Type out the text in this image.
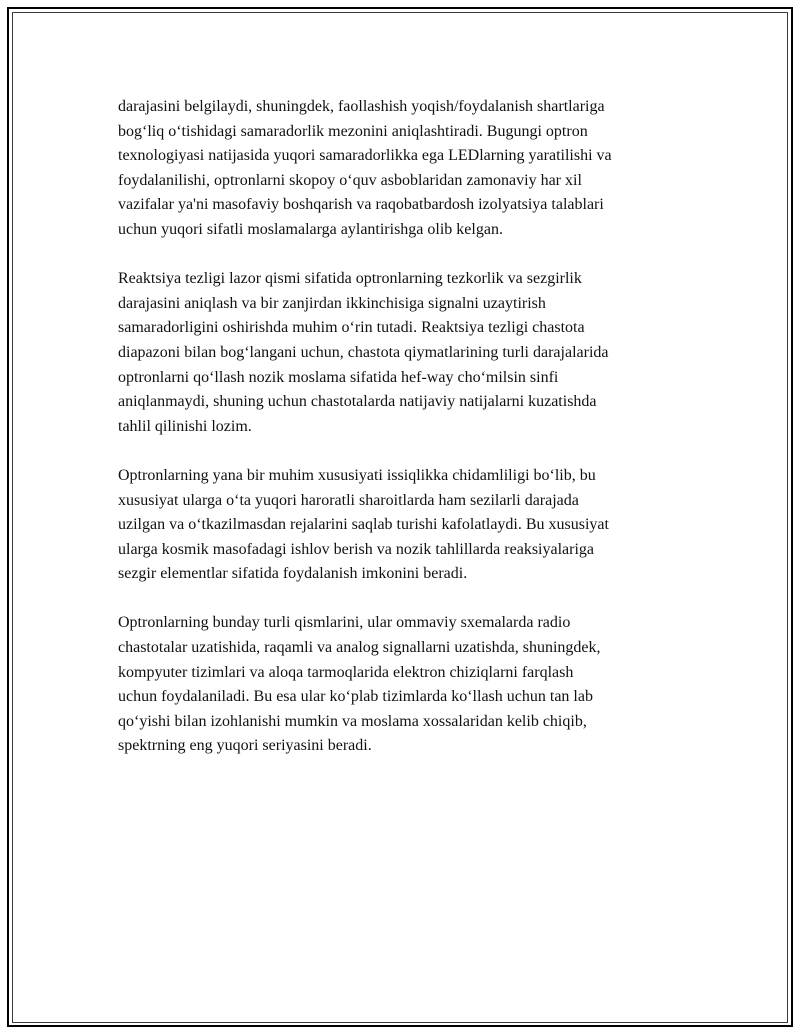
darajasini belgilaydi, shuningdek, faollashish yoqish/foydalanish shartlariga
bog‘liq o‘tishidagi samaradorlik mezonini aniqlashtiradi. Bugungi optron
texnologiyasi natijasida yuqori samaradorlikka ega LEDlarning yaratilishi va
foydalanilishi, optronlarni skopoy o‘quv asboblaridan zamonaviy har xil
vazifalar ya'ni masofaviy boshqarish va raqobatbardosh izolyatsiya talablari
uchun yuqori sifatli moslamalarga aylantirishga olib kelgan.

Reaktsiya tezligi lazor qismi sifatida optronlarning tezkorlik va sezgirlik
darajasini aniqlash va bir zanjirdan ikkinchisiga signalni uzaytirish
samaradorligini oshirishda muhim o‘rin tutadi. Reaktsiya tezligi chastota
diapazoni bilan bog‘langani uchun, chastota qiymatlarining turli darajalarida
optronlarni qo‘llash nozik moslama sifatida hef-way cho‘milsin sinfi
aniqlanmaydi, shuning uchun chastotalarda natijaviy natijalarni kuzatishda
tahlil qilinishi lozim.

Optronlarning yana bir muhim xususiyati issiqlikka chidamliligi bo‘lib, bu
xususiyat ularga o‘ta yuqori haroratli sharoitlarda ham sezilarli darajada
uzilgan va o‘tkazilmasdan rejalarini saqlab turishi kafolatlaydi. Bu xususiyat
ularga kosmik masofadagi ishlov berish va nozik tahlillarda reaksiyalariga
sezgir elementlar sifatida foydalanish imkonini beradi.

Optronlarning bunday turli qismlarini, ular ommaviy sxemalarda radio
chastotalar uzatishida, raqamli va analog signallarni uzatishda, shuningdek,
kompyuter tizimlari va aloqa tarmoqlarida elektron chiziqlarni farqlash
uchun foydalaniladi. Bu esa ular ko‘plab tizimlarda ko‘llash uchun tan lab
qo‘yishi bilan izohlanishi mumkin va moslama xossalaridan kelib chiqib,
spektrning eng yuqori seriyasini beradi.
